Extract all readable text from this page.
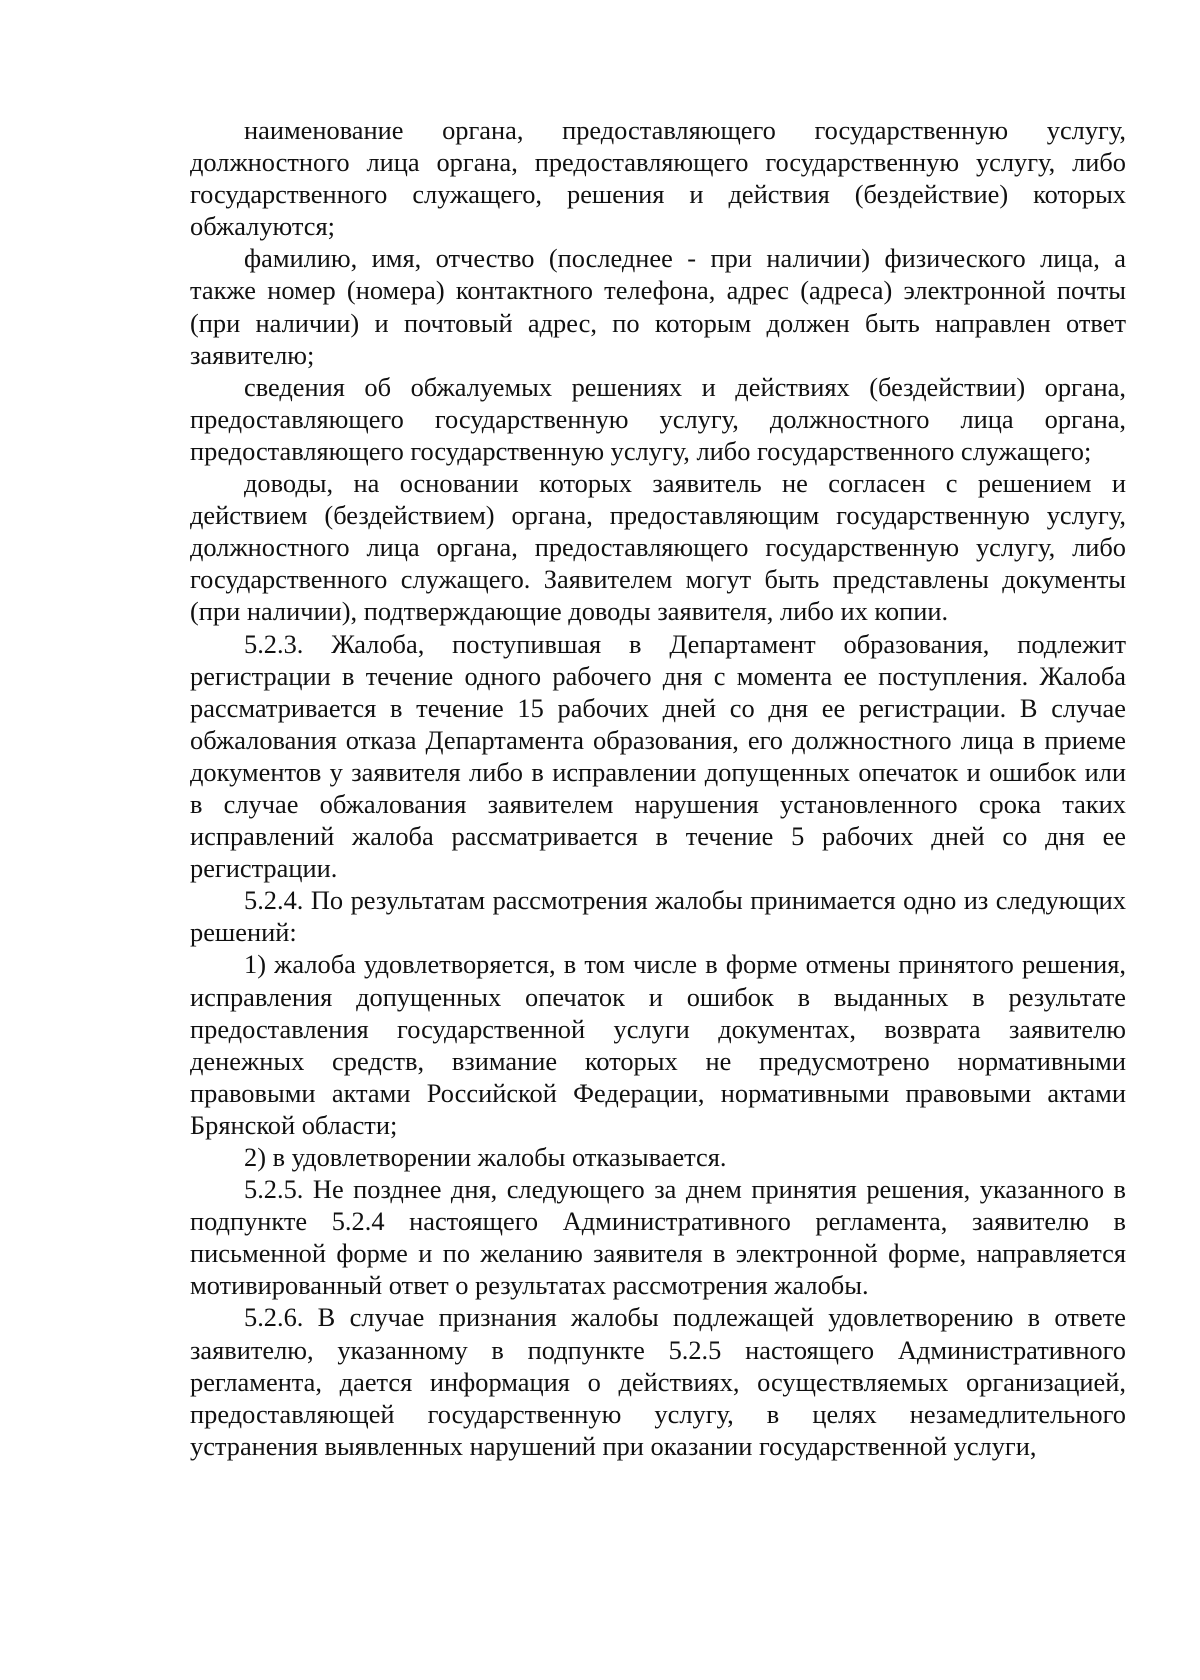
наименование органа, предоставляющего государственную услугу, должностного лица органа, предоставляющего государственную услугу, либо государственного служащего, решения и действия (бездействие) которых обжалуются;

фамилию, имя, отчество (последнее - при наличии) физического лица, а также номер (номера) контактного телефона, адрес (адреса) электронной почты (при наличии) и почтовый адрес, по которым должен быть направлен ответ заявителю;

сведения об обжалуемых решениях и действиях (бездействии) органа, предоставляющего государственную услугу, должностного лица органа, предоставляющего государственную услугу, либо государственного служащего;

доводы, на основании которых заявитель не согласен с решением и действием (бездействием) органа, предоставляющим государственную услугу, должностного лица органа, предоставляющего государственную услугу, либо государственного служащего. Заявителем могут быть представлены документы (при наличии), подтверждающие доводы заявителя, либо их копии.

5.2.3. Жалоба, поступившая в Департамент образования, подлежит регистрации в течение одного рабочего дня с момента ее поступления. Жалоба рассматривается в течение 15 рабочих дней со дня ее регистрации. В случае обжалования отказа Департамента образования, его должностного лица в приеме документов у заявителя либо в исправлении допущенных опечаток и ошибок или в случае обжалования заявителем нарушения установленного срока таких исправлений жалоба рассматривается в течение 5 рабочих дней со дня ее регистрации.

5.2.4. По результатам рассмотрения жалобы принимается одно из следующих решений:

1) жалоба удовлетворяется, в том числе в форме отмены принятого решения, исправления допущенных опечаток и ошибок в выданных в результате предоставления государственной услуги документах, возврата заявителю денежных средств, взимание которых не предусмотрено нормативными правовыми актами Российской Федерации, нормативными правовыми актами Брянской области;

2) в удовлетворении жалобы отказывается.

5.2.5. Не позднее дня, следующего за днем принятия решения, указанного в подпункте 5.2.4 настоящего Административного регламента, заявителю в письменной форме и по желанию заявителя в электронной форме, направляется мотивированный ответ о результатах рассмотрения жалобы.

5.2.6. В случае признания жалобы подлежащей удовлетворению в ответе заявителю, указанному в подпункте 5.2.5 настоящего Административного регламента, дается информация о действиях, осуществляемых организацией, предоставляющей государственную услугу, в целях незамедлительного устранения выявленных нарушений при оказании государственной услуги,
